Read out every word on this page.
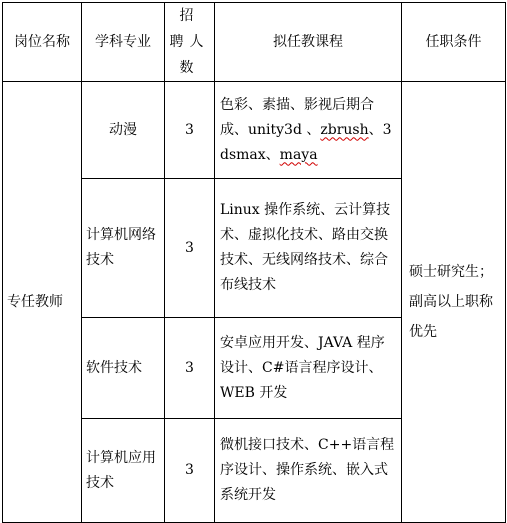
岗位名称	学科专业	招 聘人数	拟任教课程	任职条件
专任教师	动漫	3	色彩、素描、影视后期合成、unity3d 、zbrush、3dsmax、maya	硕士研究生；副高以上职称优先
	计算机网络技术	3	Linux 操作系统、云计算技术、虚拟化技术、路由交换技术、无线网络技术、综合布线技术	
	软件技术	3	安卓应用开发、JAVA 程序设计、C#语言程序设计、WEB 开发	
	计算机应用技术	3	微机接口技术、C++语言程序设计、操作系统、嵌入式系统开发	
